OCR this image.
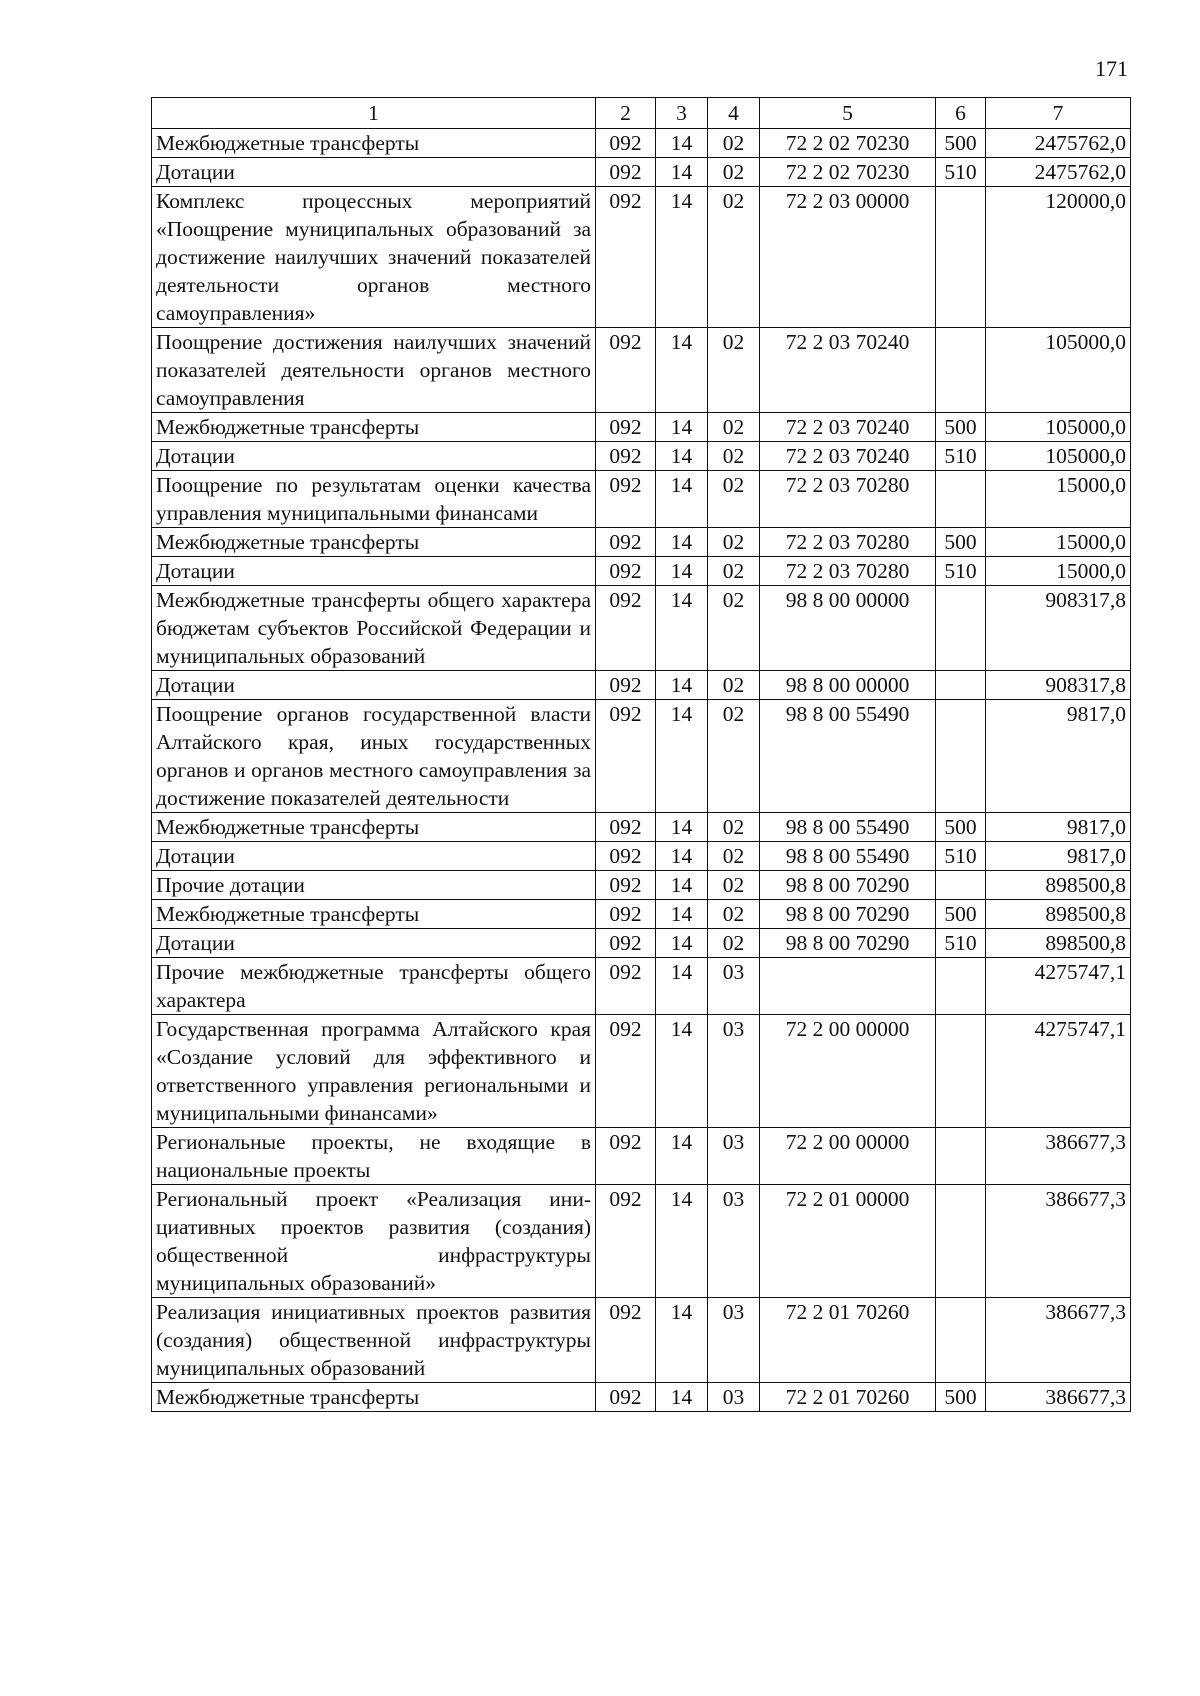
171
1	2	3	4	5	6	7
Межбюджетные трансферты	092	14	02	72 2 02 70230	500	2475762,0
Дотации	092	14	02	72 2 02 70230	510	2475762,0
Комплекс процессных мероприятий «Поощрение муниципальных образований за достижение наилучших значений показателей деятельности органов местного самоуправления»	092	14	02	72 2 03 00000		120000,0
Поощрение достижения наилучших значений показателей деятельности органов местного самоуправления	092	14	02	72 2 03 70240		105000,0
Межбюджетные трансферты	092	14	02	72 2 03 70240	500	105000,0
Дотации	092	14	02	72 2 03 70240	510	105000,0
Поощрение по результатам оценки качества управления муниципальными финансами	092	14	02	72 2 03 70280		15000,0
Межбюджетные трансферты	092	14	02	72 2 03 70280	500	15000,0
Дотации	092	14	02	72 2 03 70280	510	15000,0
Межбюджетные трансферты общего характера бюджетам субъектов Российской Федерации и муниципальных образований	092	14	02	98 8 00 00000		908317,8
Дотации	092	14	02	98 8 00 00000		908317,8
Поощрение органов государственной власти Алтайского края, иных государственных органов и органов местного самоуправления за достижение показателей деятельности	092	14	02	98 8 00 55490		9817,0
Межбюджетные трансферты	092	14	02	98 8 00 55490	500	9817,0
Дотации	092	14	02	98 8 00 55490	510	9817,0
Прочие дотации	092	14	02	98 8 00 70290		898500,8
Межбюджетные трансферты	092	14	02	98 8 00 70290	500	898500,8
Дотации	092	14	02	98 8 00 70290	510	898500,8
Прочие межбюджетные трансферты общего характера	092	14	03			4275747,1
Государственная программа Алтайского края «Создание условий для эффективного и ответственного управления региональными и муниципальными финансами»	092	14	03	72 2 00 00000		4275747,1
Региональные проекты, не входящие в национальные проекты	092	14	03	72 2 00 00000		386677,3
Региональный проект «Реализация инициативных проектов развития (создания) общественной инфраструктуры муниципальных образований»	092	14	03	72 2 01 00000		386677,3
Реализация инициативных проектов развития (создания) общественной инфраструктуры муниципальных образований	092	14	03	72 2 01 70260		386677,3
Межбюджетные трансферты	092	14	03	72 2 01 70260	500	386677,3
